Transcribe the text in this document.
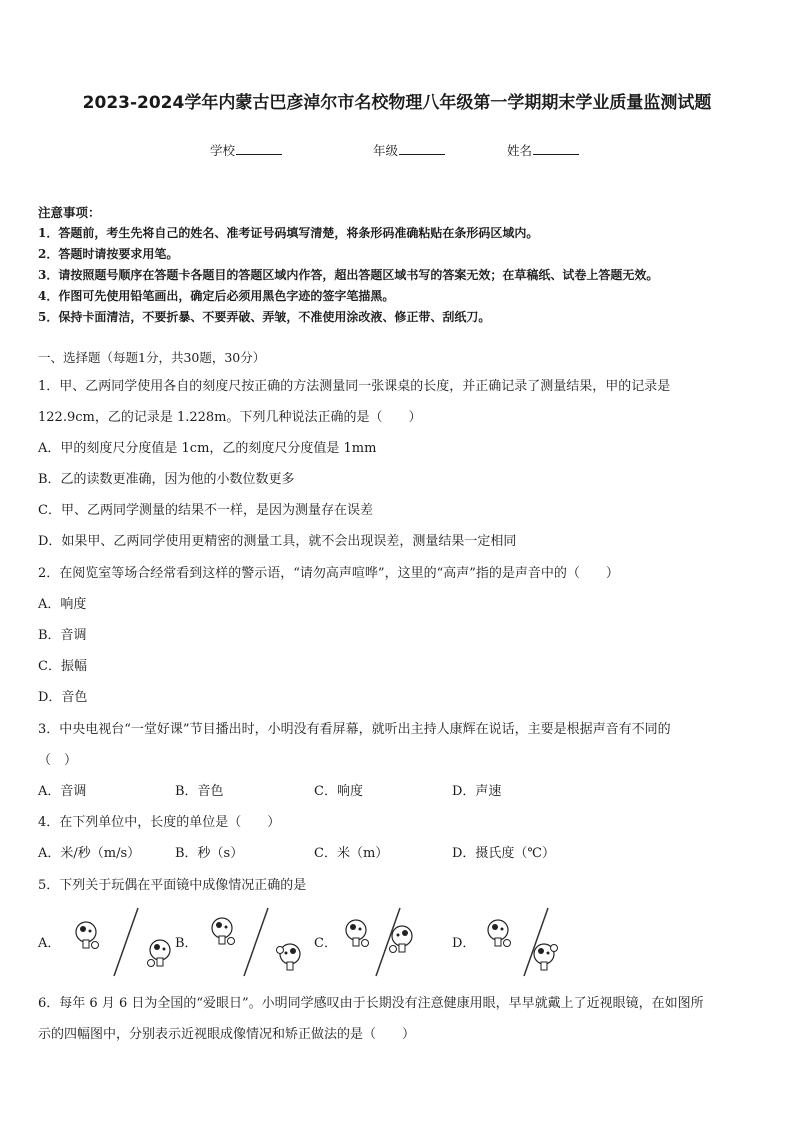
2023-2024学年内蒙古巴彦淖尔市名校物理八年级第一学期期末学业质量监测试题
学校	年级	姓名
注意事项：
1．答题前，考生先将自己的姓名、准考证号码填写清楚，将条形码准确粘贴在条形码区域内。
2．答题时请按要求用笔。
3．请按照题号顺序在答题卡各题目的答题区域内作答，超出答题区域书写的答案无效；在草稿纸、试卷上答题无效。
4．作图可先使用铅笔画出，确定后必须用黑色字迹的签字笔描黑。
5．保持卡面清洁，不要折暴、不要弄破、弄皱，不准使用涂改液、修正带、刮纸刀。
一、选择题（每题1分，共30题，30分）
1．甲、乙两同学使用各自的刻度尺按正确的方法测量同一张课桌的长度，并正确记录了测量结果，甲的记录是
122.9cm，乙的记录是 1.228m。下列几种说法正确的是（　　）
A．甲的刻度尺分度值是 1cm，乙的刻度尺分度值是 1mm
B．乙的读数更准确，因为他的小数位数更多
C．甲、乙两同学测量的结果不一样，是因为测量存在误差
D．如果甲、乙两同学使用更精密的测量工具，就不会出现误差，测量结果一定相同
2．在阅览室等场合经常看到这样的警示语，“请勿高声喧哗”，这里的“高声”指的是声音中的（　　）
A．响度
B．音调
C．振幅
D．音色
3．中央电视台“一堂好课”节目播出时，小明没有看屏幕，就听出主持人康辉在说话，主要是根据声音有不同的
（　）
A．音调	B．音色	C．响度	D．声速
4．在下列单位中，长度的单位是（　　）
A．米/秒（m/s）	B．秒（s）	C．米（m）	D．摄氏度（℃）
5．下列关于玩偶在平面镜中成像情况正确的是
A．	B．	C．	D．
6．每年 6 月 6 日为全国的“爱眼日”。小明同学感叹由于长期没有注意健康用眼，早早就戴上了近视眼镜，在如图所
示的四幅图中，分别表示近视眼成像情况和矫正做法的是（　　）
